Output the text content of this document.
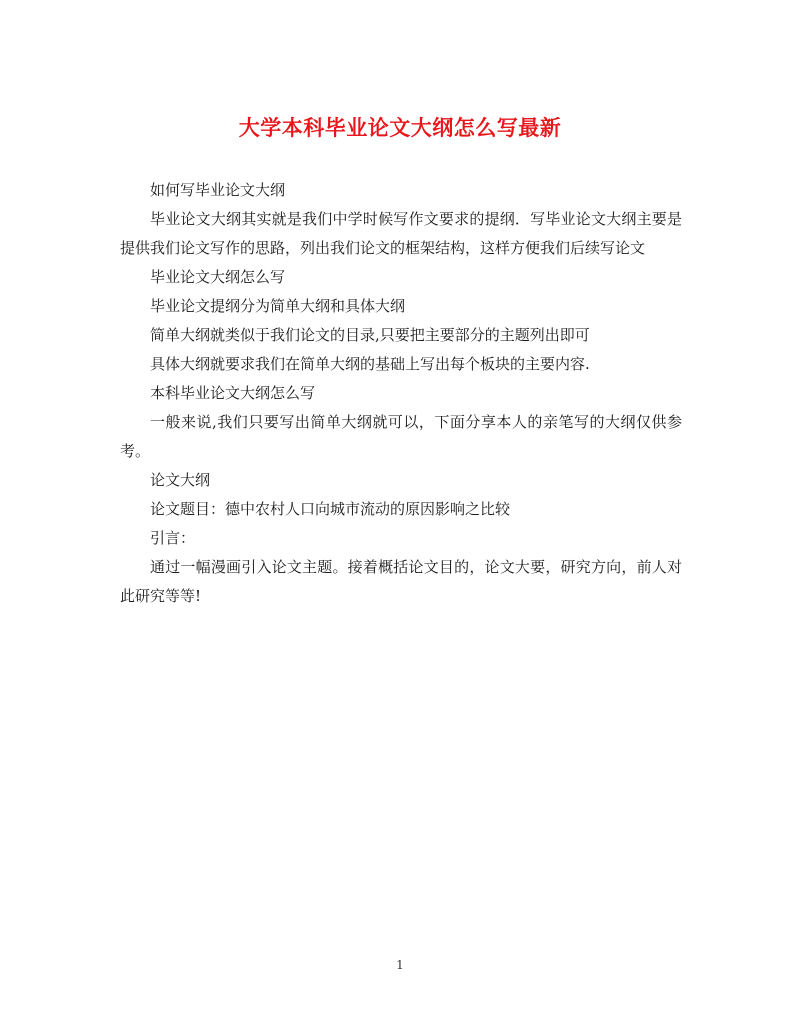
大学本科毕业论文大纲怎么写最新

如何写毕业论文大纲

毕业论文大纲其实就是我们中学时候写作文要求的提纲．写毕业论文大纲主要是提供我们论文写作的思路，列出我们论文的框架结构，这样方便我们后续写论文

毕业论文大纲怎么写

毕业论文提纲分为简单大纲和具体大纲

简单大纲就类似于我们论文的目录,只要把主要部分的主题列出即可

具体大纲就要求我们在简单大纲的基础上写出每个板块的主要内容.

本科毕业论文大纲怎么写

一般来说,我们只要写出简单大纲就可以，下面分享本人的亲笔写的大纲仅供参考。

论文大纲

论文题目：德中农村人口向城市流动的原因影响之比较

引言：

通过一幅漫画引入论文主题。接着概括论文目的，论文大要，研究方向，前人对此研究等等!

1
